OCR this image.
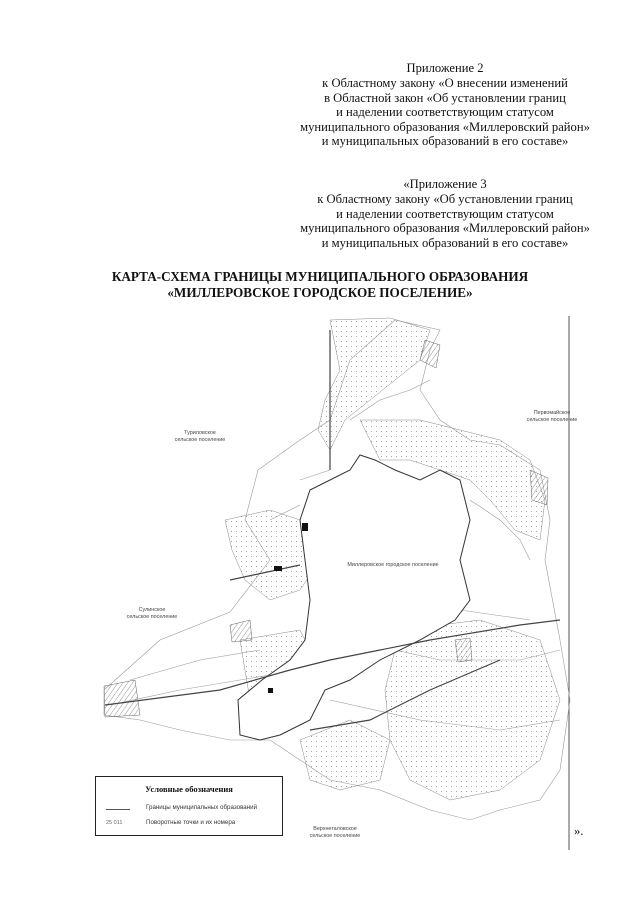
Приложение 2
к Областному закону «О внесении изменений
в Областной закон «Об установлении границ
и наделении соответствующим статусом
муниципального образования «Миллеровский район»
и муниципальных образований в его составе»
«Приложение 3
к Областному закону «Об установлении границ
и наделении соответствующим статусом
муниципального образования «Миллеровский район»
и муниципальных образований в его составе»
КАРТА-СХЕМА ГРАНИЦЫ МУНИЦИПАЛЬНОГО ОБРАЗОВАНИЯ
«МИЛЛЕРОВСКОЕ ГОРОДСКОЕ ПОСЕЛЕНИЕ»
Миллеровское городское поселение
Туриловское
сельское поселение
Первомайское
сельское поселение
Сулинское
сельское поселение
Верхнеталовское
сельское поселение
Условные обозначения
Границы муниципальных образований
25 011	Поворотные точки и их номера
».
